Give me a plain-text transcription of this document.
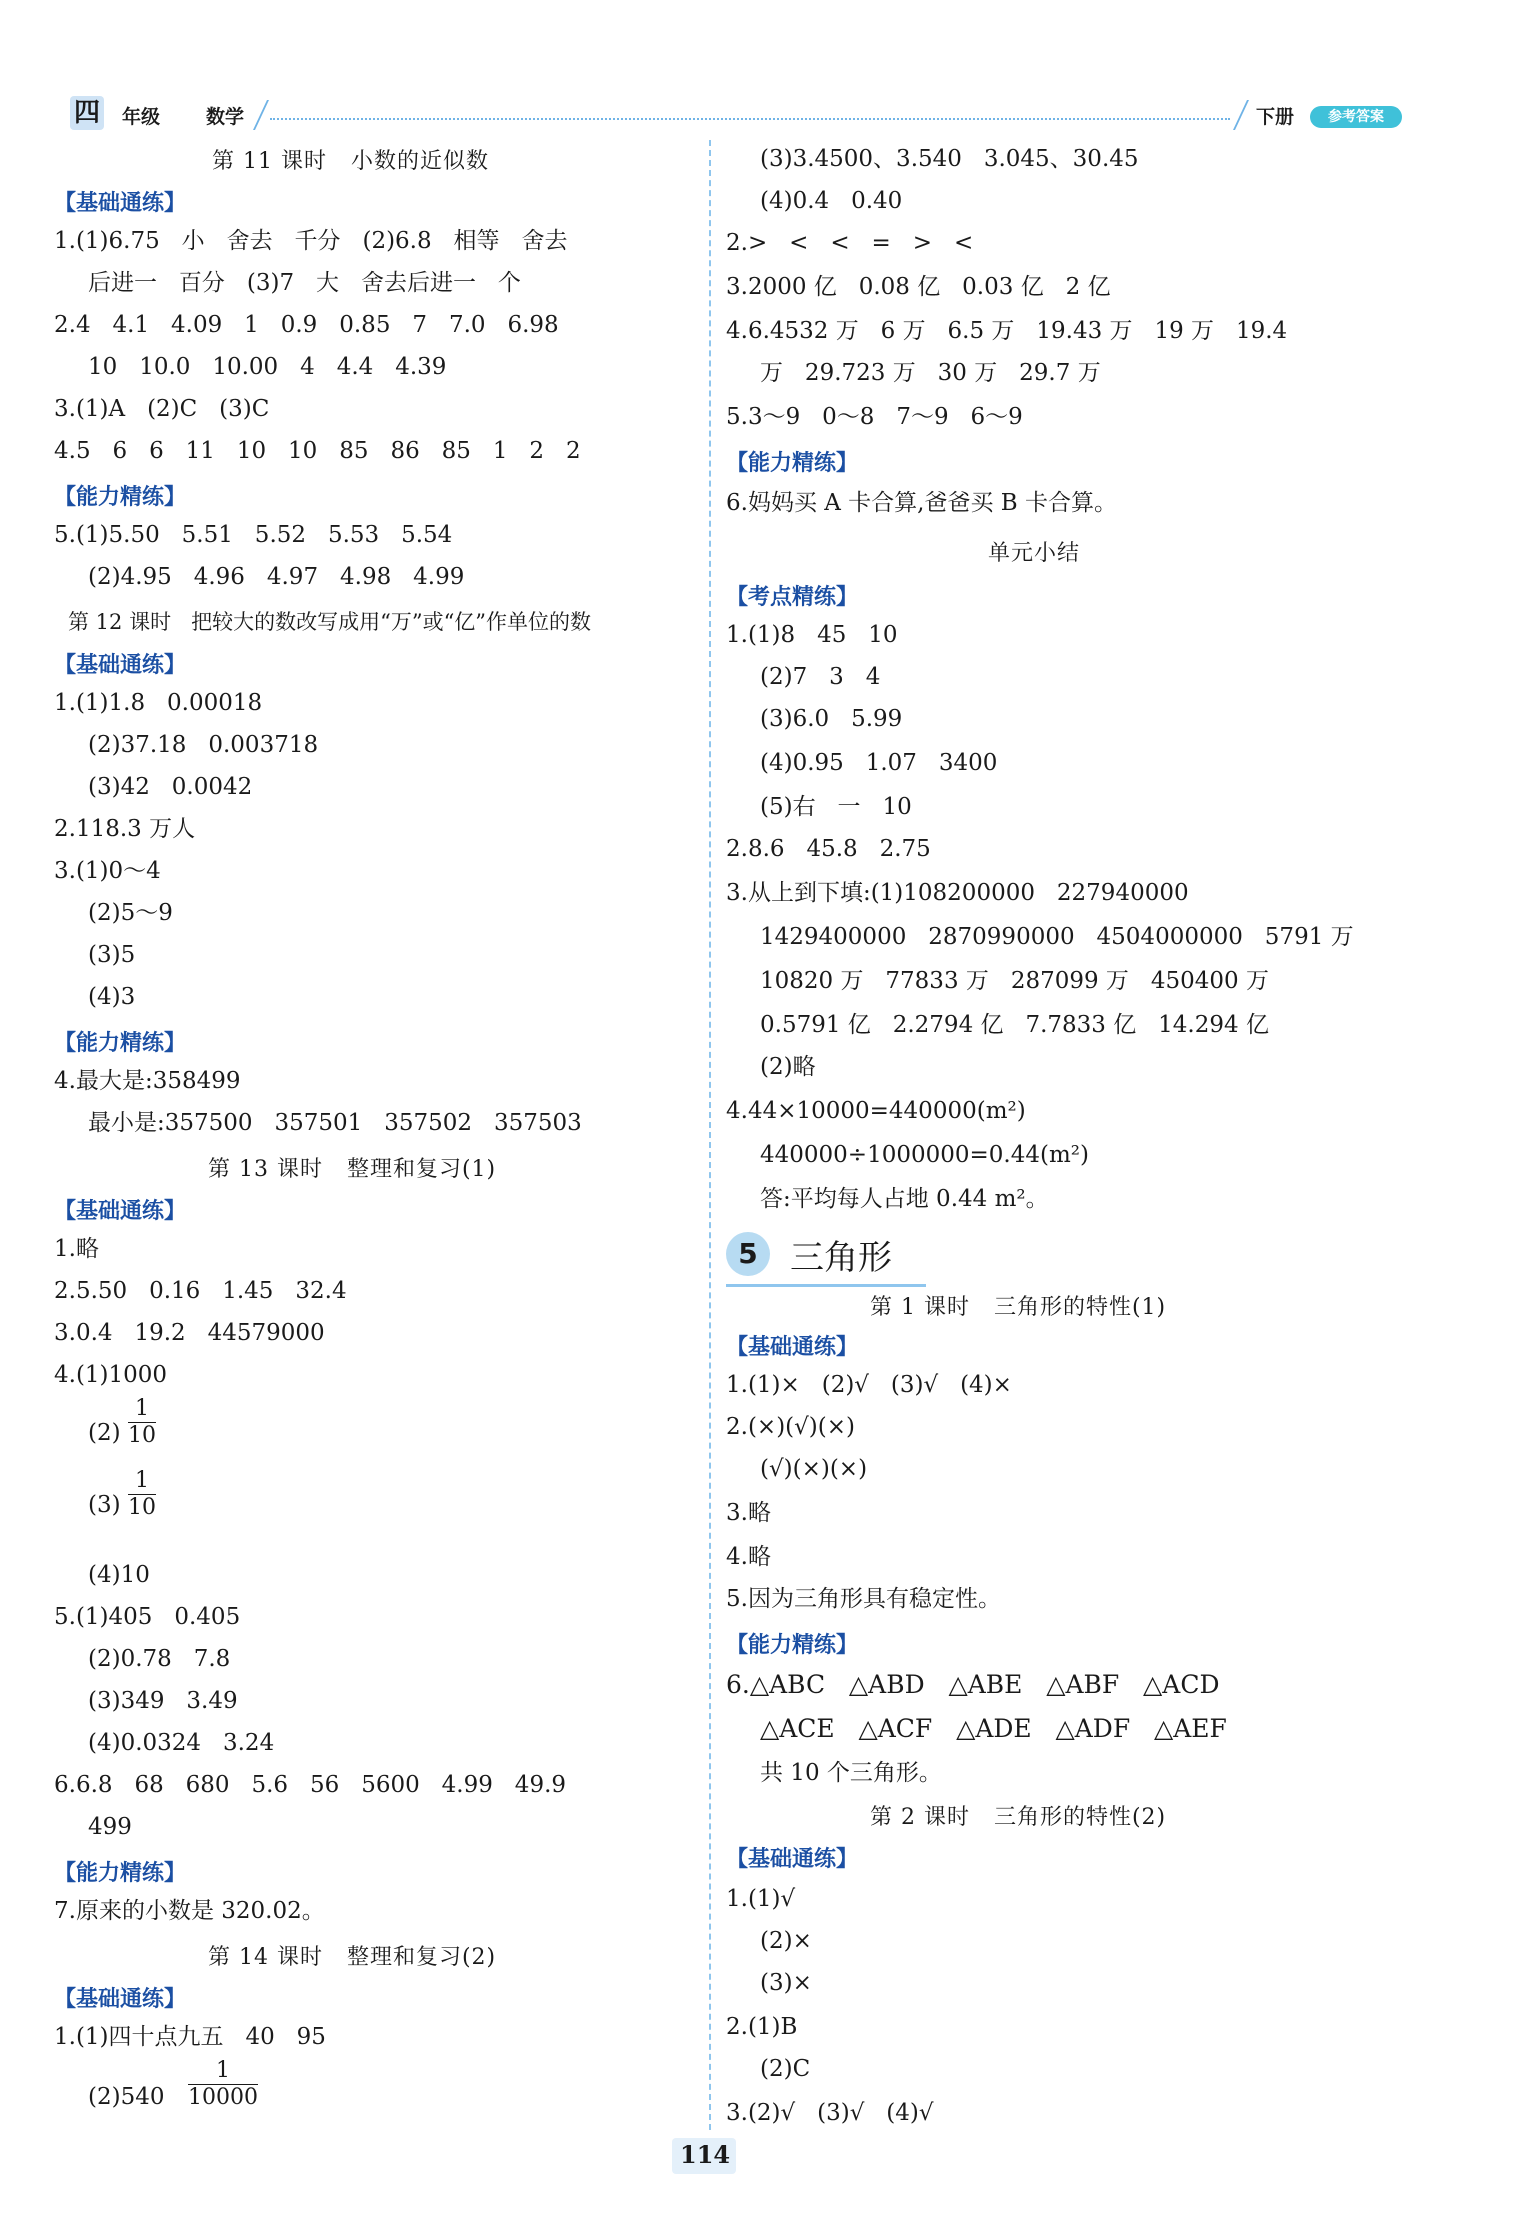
四 年级 数学	下册	参考答案
第 11 课时   小数的近似数
【基础通练】
1.(1)6.75   小   舍去   千分   (2)6.8   相等   舍去
后进一   百分   (3)7   大   舍去后进一   个
2.4   4.1   4.09   1   0.9   0.85   7   7.0   6.98
10   10.0   10.00   4   4.4   4.39
3.(1)A   (2)C   (3)C
4.5   6   6   11   10   10   85   86   85   1   2   2
【能力精练】
5.(1)5.50   5.51   5.52   5.53   5.54
(2)4.95   4.96   4.97   4.98   4.99
第 12 课时   把较大的数改写成用“万”或“亿”作单位的数
【基础通练】
1.(1)1.8   0.00018
(2)37.18   0.003718
(3)42   0.0042
2.118.3 万人
3.(1)0～4
(2)5～9
(3)5
(4)3
【能力精练】
4.最大是:358499
最小是:357500   357501   357502   357503
第 13 课时   整理和复习(1)
【基础通练】
1.略
2.5.50   0.16   1.45   32.4
3.0.4   19.2   44579000
4.(1)1000
$(2) \frac{1}{10}$
$(3) \frac{1}{10}$
(4)10
5.(1)405   0.405
(2)0.78   7.8
(3)349   3.49
(4)0.0324   3.24
6.6.8   68   680   5.6   56   5600   4.99   49.9
499
【能力精练】
7.原来的小数是 320.02。
第 14 课时   整理和复习(2)
【基础通练】
1.(1)四十点九五   40   95
$(2)540 \frac{1}{10000}$
(3)3.4500、3.540   3.045、30.45
(4)0.4   0.40
2.>   <   <   =   >   <
3.2000 亿   0.08 亿   0.03 亿   2 亿
4.6.4532 万   6 万   6.5 万   19.43 万   19 万   19.4
万   29.723 万   30 万   29.7 万
5.3～9   0～8   7～9   6～9
【能力精练】
6.妈妈买 A 卡合算,爸爸买 B 卡合算。
单元小结
【考点精练】
1.(1)8   45   10
(2)7   3   4
(3)6.0   5.99
(4)0.95   1.07   3400
(5)右   一   10
2.8.6   45.8   2.75
3.从上到下填:(1)108200000   227940000
1429400000   2870990000   4504000000   5791 万
10820 万   77833 万   287099 万   450400 万
0.5791 亿   2.2794 亿   7.7833 亿   14.294 亿
(2)略
4.44×10000=440000(m²)
440000÷1000000=0.44(m²)
答:平均每人占地 0.44 m²。
5 三角形
第 1 课时   三角形的特性(1)
【基础通练】
1.(1)×   (2)√   (3)√   (4)×
2.(×)(√)(×)
(√)(×)(×)
3.略
4.略
5.因为三角形具有稳定性。
【能力精练】
6.△ABC   △ABD   △ABE   △ABF   △ACD
△ACE   △ACF   △ADE   △ADF   △AEF
共 10 个三角形。
第 2 课时   三角形的特性(2)
【基础通练】
1.(1)√
(2)×
(3)×
2.(1)B
(2)C
3.(2)√   (3)√   (4)√
114
